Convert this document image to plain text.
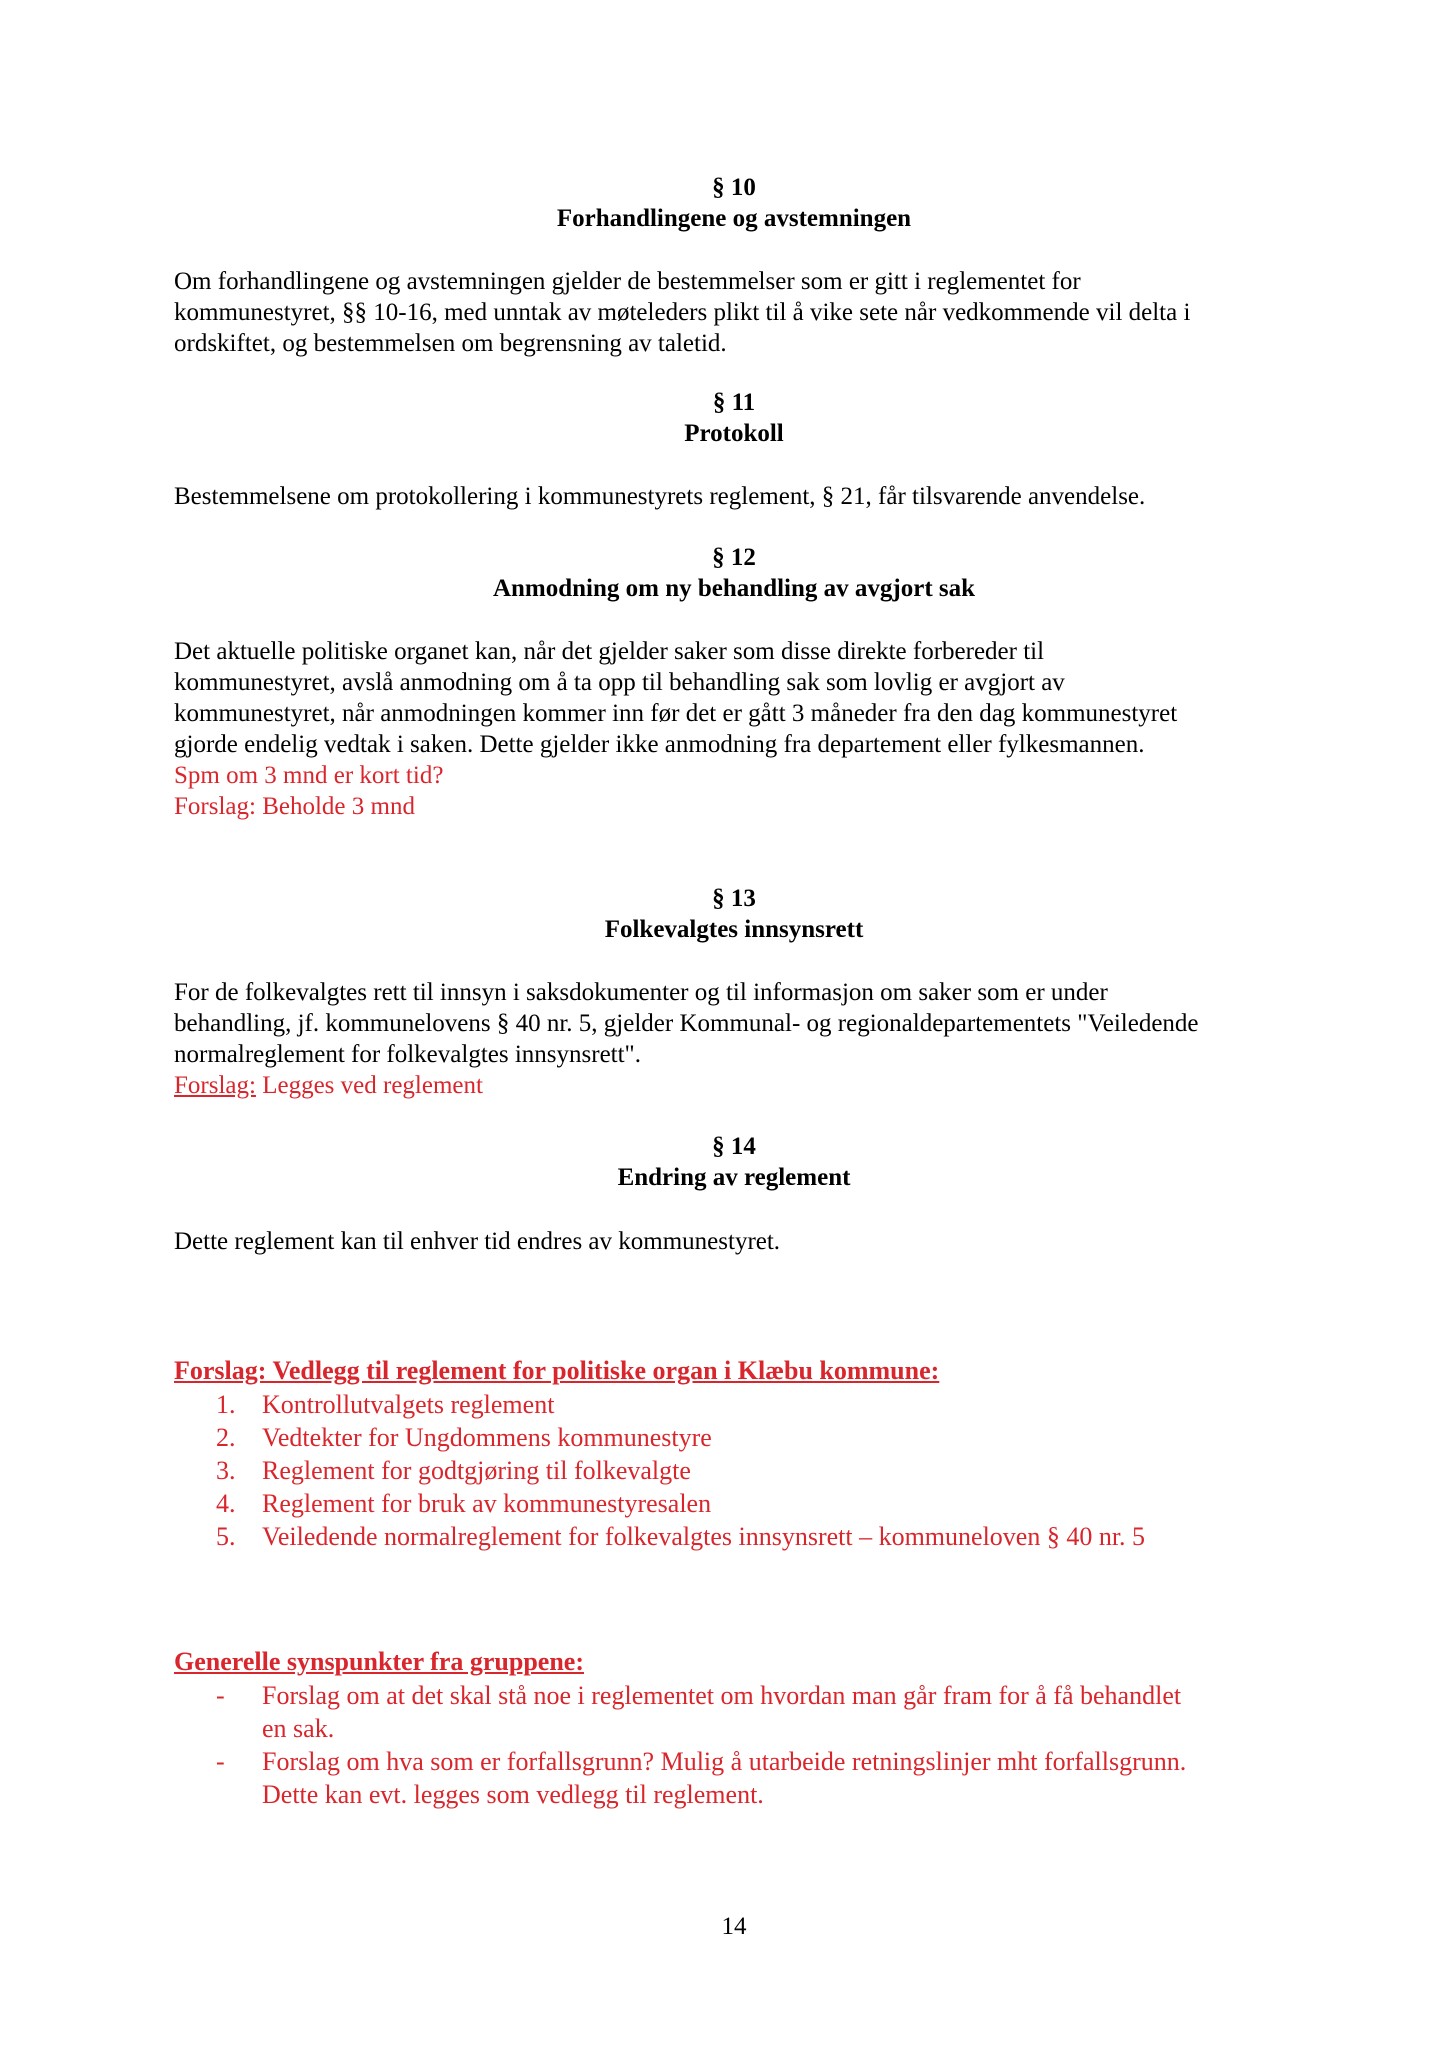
§ 10
Forhandlingene og avstemningen
Om forhandlingene og avstemningen gjelder de bestemmelser som er gitt i reglementet for
kommunestyret, §§ 10-16, med unntak av møteleders plikt til å vike sete når vedkommende vil delta i
ordskiftet, og bestemmelsen om begrensning av taletid.
§ 11
Protokoll
Bestemmelsene om protokollering i kommunestyrets reglement, § 21, får tilsvarende anvendelse.
§ 12
Anmodning om ny behandling av avgjort sak
Det aktuelle politiske organet kan, når det gjelder saker som disse direkte forbereder til
kommunestyret, avslå anmodning om å ta opp til behandling sak som lovlig er avgjort av
kommunestyret, når anmodningen kommer inn før det er gått 3 måneder fra den dag kommunestyret
gjorde endelig vedtak i saken. Dette gjelder ikke anmodning fra departement eller fylkesmannen.
Spm om 3 mnd er kort tid?
Forslag: Beholde 3 mnd
§ 13
Folkevalgtes innsynsrett
For de folkevalgtes rett til innsyn i saksdokumenter og til informasjon om saker som er under
behandling, jf. kommunelovens § 40 nr. 5, gjelder Kommunal- og regionaldepartementets "Veiledende
normalreglement for folkevalgtes innsynsrett".
Forslag: Legges ved reglement
§ 14
Endring av reglement
Dette reglement kan til enhver tid endres av kommunestyret.
Forslag: Vedlegg til reglement for politiske organ i Klæbu kommune:
1. Kontrollutvalgets reglement
2. Vedtekter for Ungdommens kommunestyre
3. Reglement for godtgjøring til folkevalgte
4. Reglement for bruk av kommunestyresalen
5. Veiledende normalreglement for folkevalgtes innsynsrett – kommuneloven § 40 nr. 5
Generelle synspunkter fra gruppene:
- Forslag om at det skal stå noe i reglementet om hvordan man går fram for å få behandlet
en sak.
- Forslag om hva som er forfallsgrunn? Mulig å utarbeide retningslinjer mht forfallsgrunn.
Dette kan evt. legges som vedlegg til reglement.
14
